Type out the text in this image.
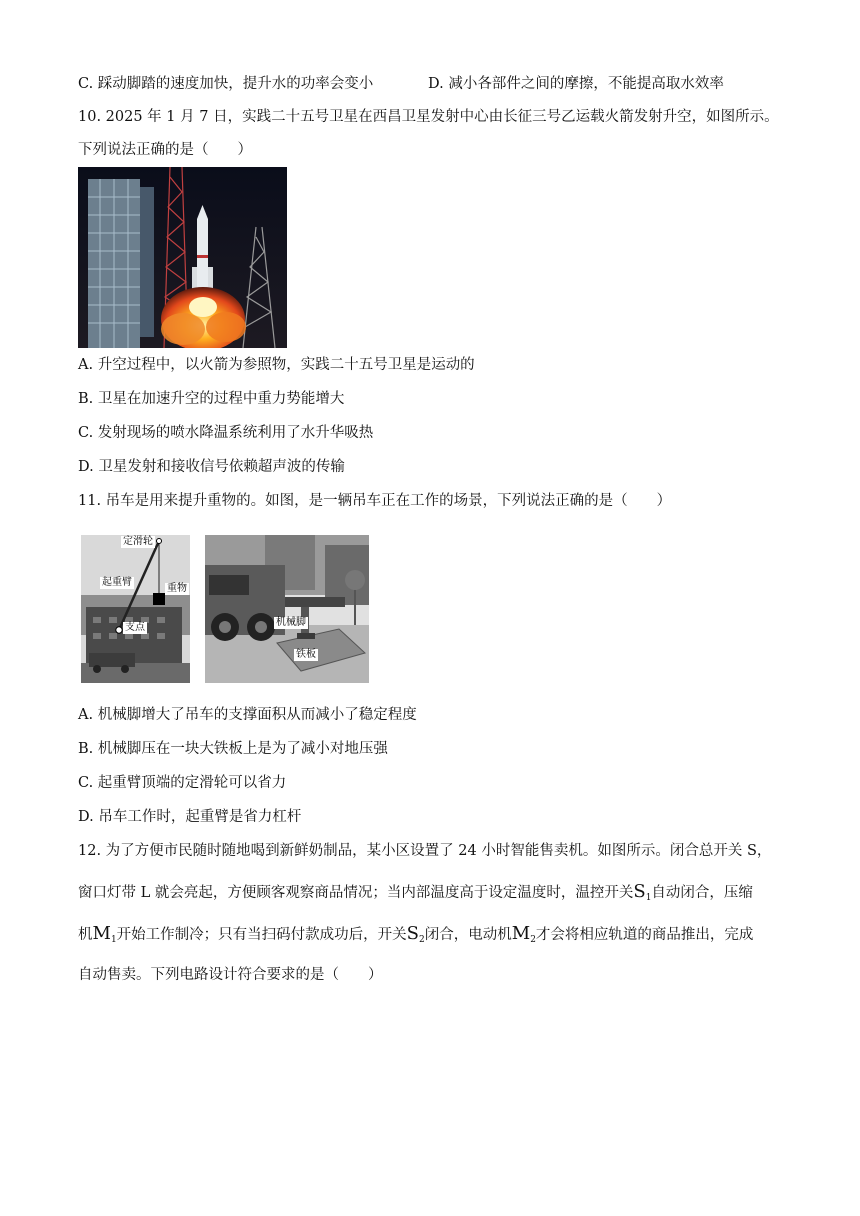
C. 踩动脚踏的速度加快，提升水的功率会变小	D. 减小各部件之间的摩擦，不能提高取水效率
10. 2025 年 1 月 7 日，实践二十五号卫星在西昌卫星发射中心由长征三号乙运载火箭发射升空，如图所示。
下列说法正确的是（　　）
A. 升空过程中，以火箭为参照物，实践二十五号卫星是运动的
B. 卫星在加速升空的过程中重力势能增大
C. 发射现场的喷水降温系统利用了水升华吸热
D. 卫星发射和接收信号依赖超声波的传输
11. 吊车是用来提升重物的。如图，是一辆吊车正在工作的场景，下列说法正确的是（　　）
定滑轮
起重臂
重物
支点	机械脚
铁板
A. 机械脚增大了吊车的支撑面积从而减小了稳定程度
B. 机械脚压在一块大铁板上是为了减小对地压强
C. 起重臂顶端的定滑轮可以省力
D. 吊车工作时，起重臂是省力杠杆
12. 为了方便市民随时随地喝到新鲜奶制品，某小区设置了 24 小时智能售卖机。如图所示。闭合总开关 S，
窗口灯带 L 就会亮起，方便顾客观察商品情况；当内部温度高于设定温度时，温控开关$S_1$自动闭合，压缩
机$M_1$开始工作制冷；只有当扫码付款成功后，开关$S_2$闭合，电动机$M_2$才会将相应轨道的商品推出，完成
自动售卖。下列电路设计符合要求的是（　　）
